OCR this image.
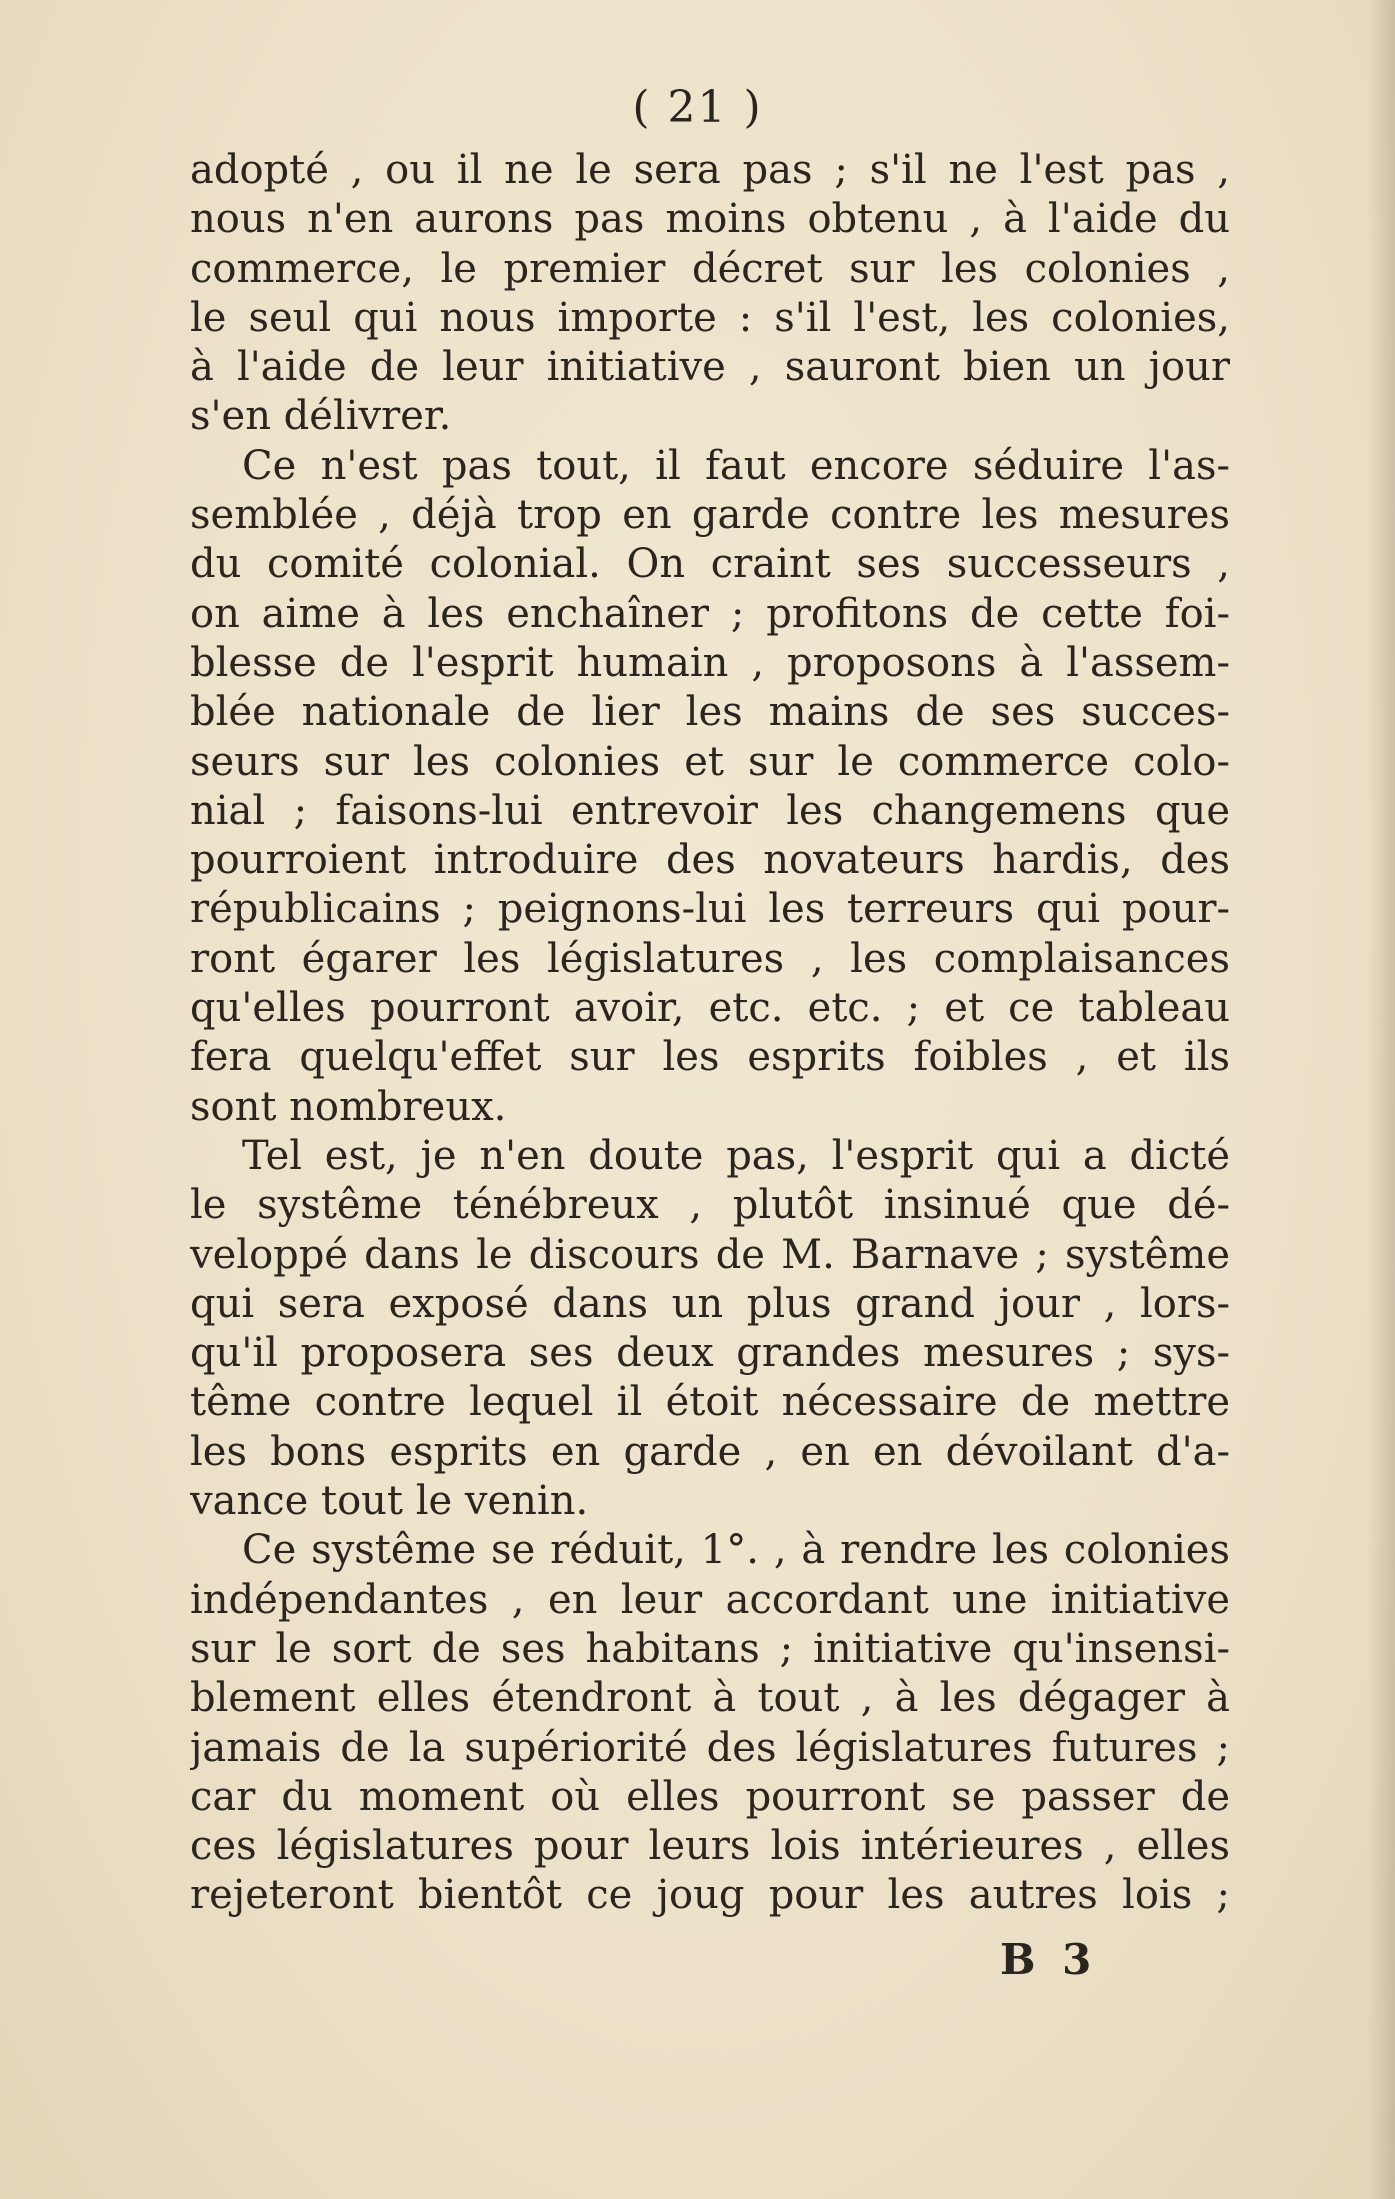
( 21 )
adopté , ou il ne le sera pas ; s'il ne l'est pas ,
nous n'en aurons pas moins obtenu , à l'aide du
commerce, le premier décret sur les colonies ,
le seul qui nous importe : s'il l'est, les colonies,
à l'aide de leur initiative , sauront bien un jour
s'en délivrer.
Ce n'est pas tout, il faut encore séduire l'as-
semblée , déjà trop en garde contre les mesures
du comité colonial. On craint ses successeurs ,
on aime à les enchaîner ; profitons de cette foi-
blesse de l'esprit humain , proposons à l'assem-
blée nationale de lier les mains de ses succes-
seurs sur les colonies et sur le commerce colo-
nial ; faisons-lui entrevoir les changemens que
pourroient introduire des novateurs hardis, des
républicains ; peignons-lui les terreurs qui pour-
ront égarer les législatures , les complaisances
qu'elles pourront avoir, etc. etc. ; et ce tableau
fera quelqu'effet sur les esprits foibles , et ils
sont nombreux.
Tel est, je n'en doute pas, l'esprit qui a dicté
le systême ténébreux , plutôt insinué que dé-
veloppé dans le discours de M. Barnave ; systême
qui sera exposé dans un plus grand jour , lors-
qu'il proposera ses deux grandes mesures ; sys-
tême contre lequel il étoit nécessaire de mettre
les bons esprits en garde , en en dévoilant d'a-
vance tout le venin.
Ce systême se réduit, 1°. , à rendre les colonies
indépendantes , en leur accordant une initiative
sur le sort de ses habitans ; initiative qu'insensi-
blement elles étendront à tout , à les dégager à
jamais de la supériorité des législatures futures ;
car du moment où elles pourront se passer de
ces législatures pour leurs lois intérieures , elles
rejeteront bientôt ce joug pour les autres lois ;
B 3
